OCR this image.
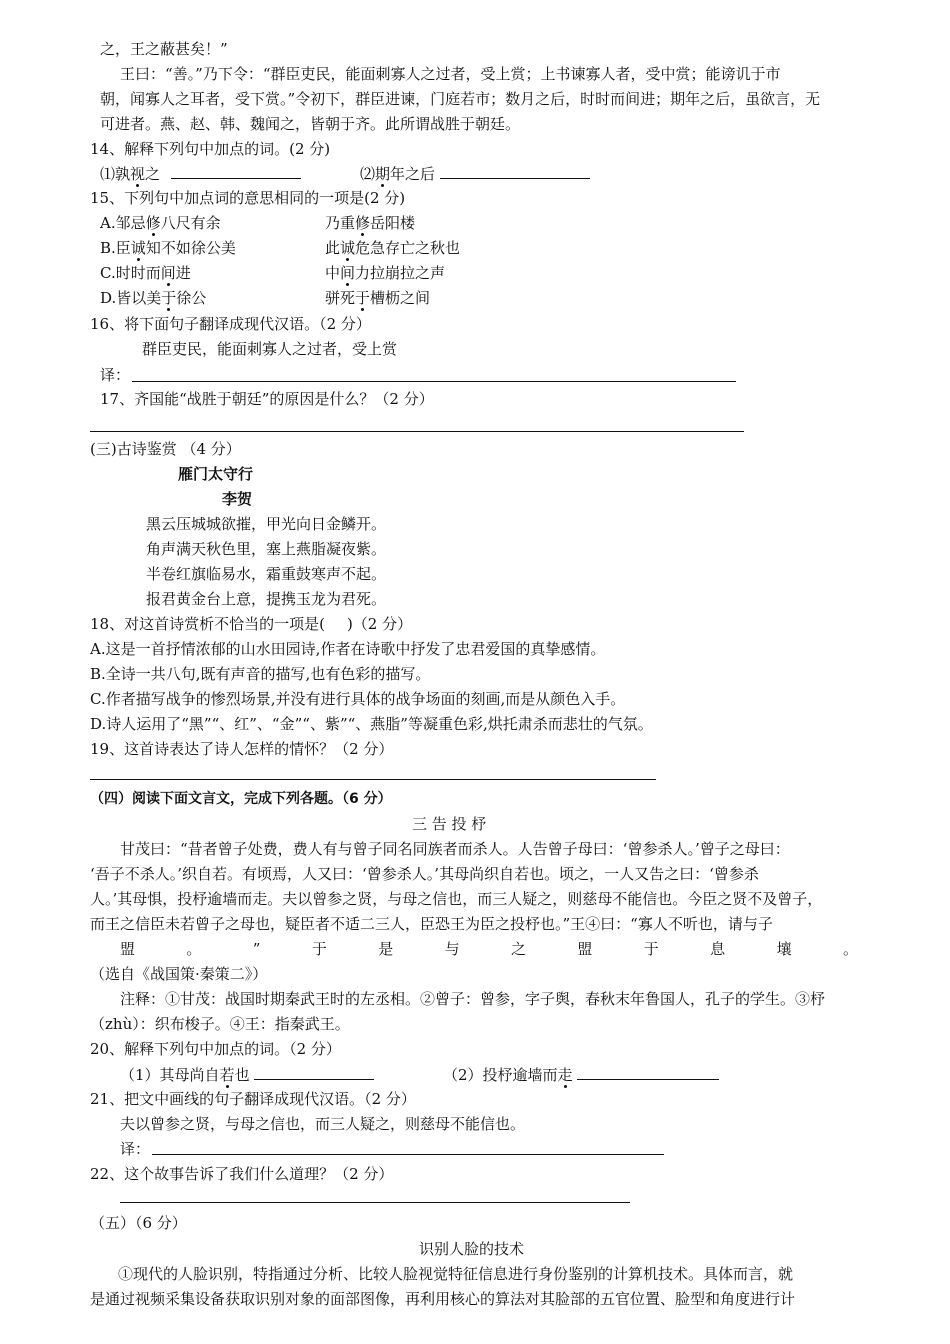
之，王之蔽甚矣！”
王曰：“善。”乃下令：“群臣吏民，能面刺寡人之过者，受上赏；上书谏寡人者，受中赏；能谤讥于市
朝，闻寡人之耳者，受下赏。”令初下，群臣进谏，门庭若市；数月之后，时时而间进；期年之后，虽欲言，无
可进者。燕、赵、韩、魏闻之，皆朝于齐。此所谓战胜于朝廷。
14、解释下列句中加点的词。(2 分)
⑴孰视之	⑵期年之后
15、下列句中加点词的意思相同的一项是(2 分)
A.邹忌修八尺有余	乃重修岳阳楼
B.臣诚知不如徐公美	此诚危急存亡之秋也
C.时时而间进	中间力拉崩拉之声
D.皆以美于徐公	骈死于槽枥之间
16、将下面句子翻译成现代汉语。（2 分）
群臣吏民，能面刺寡人之过者，受上赏
译：
17、齐国能“战胜于朝廷”的原因是什么？（2 分）
(三)古诗鉴赏 （4 分）
雁门太守行
李贺
黑云压城城欲摧，甲光向日金鳞开。
角声满天秋色里，塞上燕脂凝夜紫。
半卷红旗临易水，霜重鼓寒声不起。
报君黄金台上意，提携玉龙为君死。
18、对这首诗赏析不恰当的一项是( )（2 分）
A.这是一首抒情浓郁的山水田园诗,作者在诗歌中抒发了忠君爱国的真挚感情。
B.全诗一共八句,既有声音的描写,也有色彩的描写。
C.作者描写战争的惨烈场景,并没有进行具体的战争场面的刻画,而是从颜色入手。
D.诗人运用了“黑”“、红”、“金”“、紫”“、燕脂”等凝重色彩,烘托肃杀而悲壮的气氛。
19、这首诗表达了诗人怎样的情怀？（2 分）
（四）阅读下面文言文，完成下列各题。（6 分）
三 告 投 杼
甘茂曰：“昔者曾子处费，费人有与曾子同名同族者而杀人。人告曾子母曰：‘曾参杀人。’曾子之母曰：
‘吾子不杀人。’织自若。有顷焉，人又曰：‘曾参杀人。’其母尚织自若也。顷之，一人又告之曰：‘曾参杀
人。’其母惧，投杼逾墙而走。夫以曾参之贤，与母之信也，而三人疑之，则慈母不能信也。今臣之贤不及曾子，
而王之信臣未若曾子之母也，疑臣者不适二三人，臣恐王为臣之投杼也。”王④曰：“寡人不听也，请与子
盟	。	”	于	是	与	之	盟	于	息	壤	。
（选自《战国策·秦策二》）
注释：①甘茂：战国时期秦武王时的左丞相。②曾子：曾参，字子舆，春秋末年鲁国人，孔子的学生。③杼
（zhù）：织布梭子。④王：指秦武王。
20、解释下列句中加点的词。（2 分）
（1）其母尚自若也	（2）投杼逾墙而走
21、把文中画线的句子翻译成现代汉语。（2 分）
夫以曾参之贤，与母之信也，而三人疑之，则慈母不能信也。
译：
22、这个故事告诉了我们什么道理？（2 分）
（五）（6 分）
识别人脸的技术
①现代的人脸识别，特指通过分析、比较人脸视觉特征信息进行身份鉴别的计算机技术。具体而言，就
是通过视频采集设备获取识别对象的面部图像，再利用核心的算法对其脸部的五官位置、脸型和角度进行计
